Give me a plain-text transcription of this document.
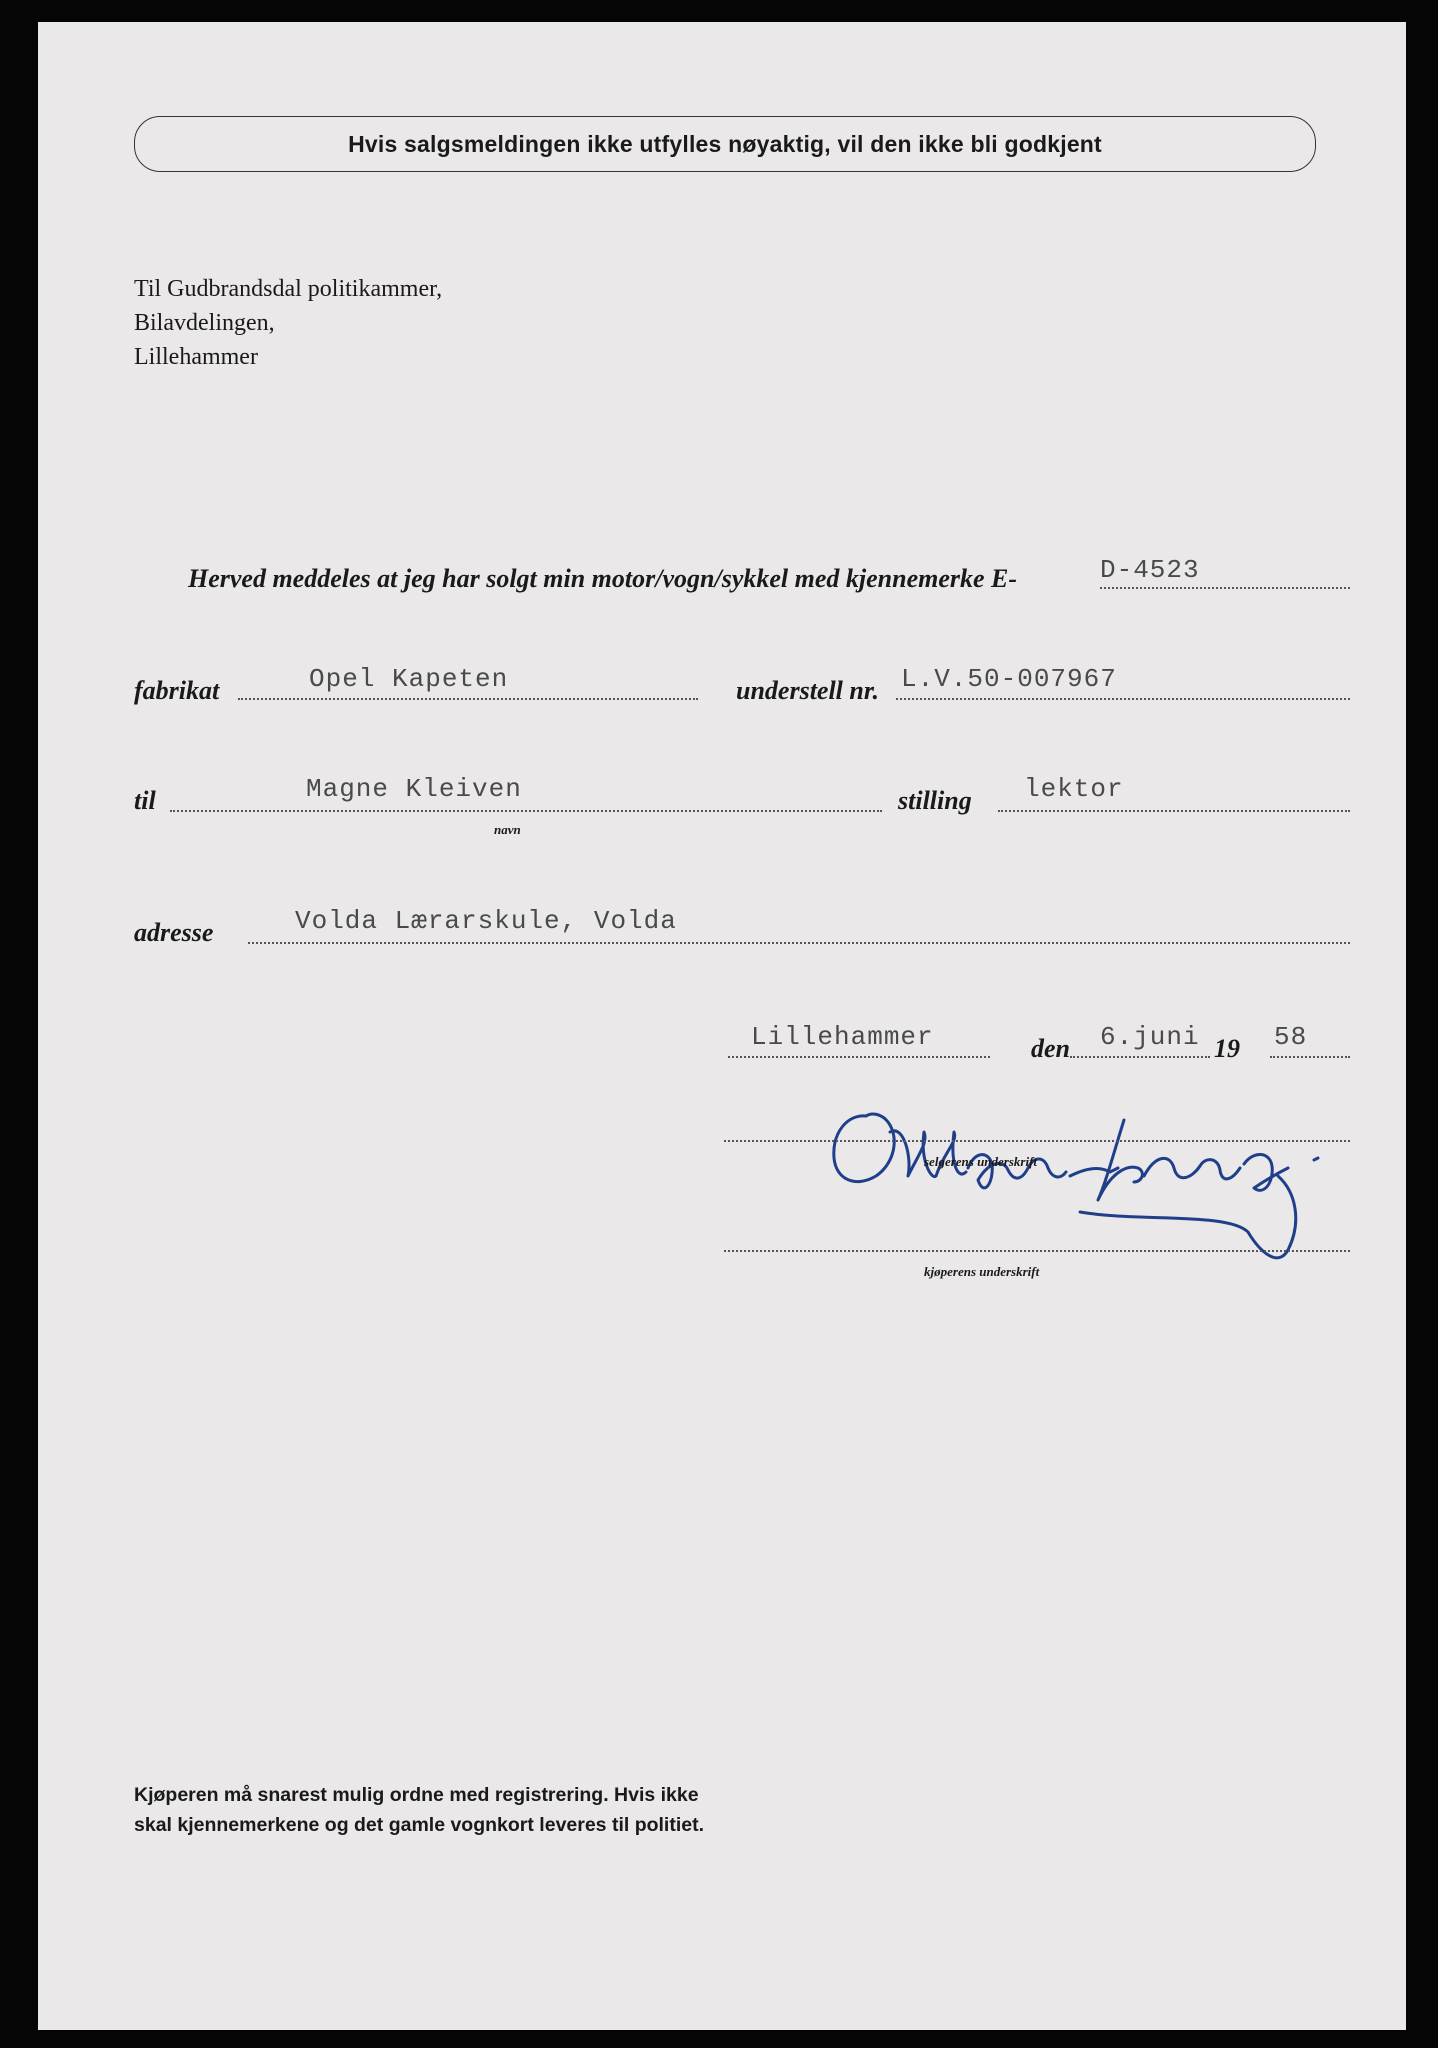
Hvis salgsmeldingen ikke utfylles nøyaktig, vil den ikke bli godkjent
Til Gudbrandsdal politikammer,
Bilavdelingen,
Lillehammer
Herved meddeles at jeg har solgt min motor/vogn/sykkel med kjennemerke E-	D-4523
fabrikat	Opel Kapeten	understell nr. L.V.50-007967
til	Magne Kleiven
navn
stilling lektor
adresse	Volda Lærarskule, Volda
Lillehammer	den 6.juni 19 58
selgerens underskrift
kjøperens underskrift
Kjøperen må snarest mulig ordne med registrering. Hvis ikke
skal kjennemerkene og det gamle vognkort leveres til politiet.
